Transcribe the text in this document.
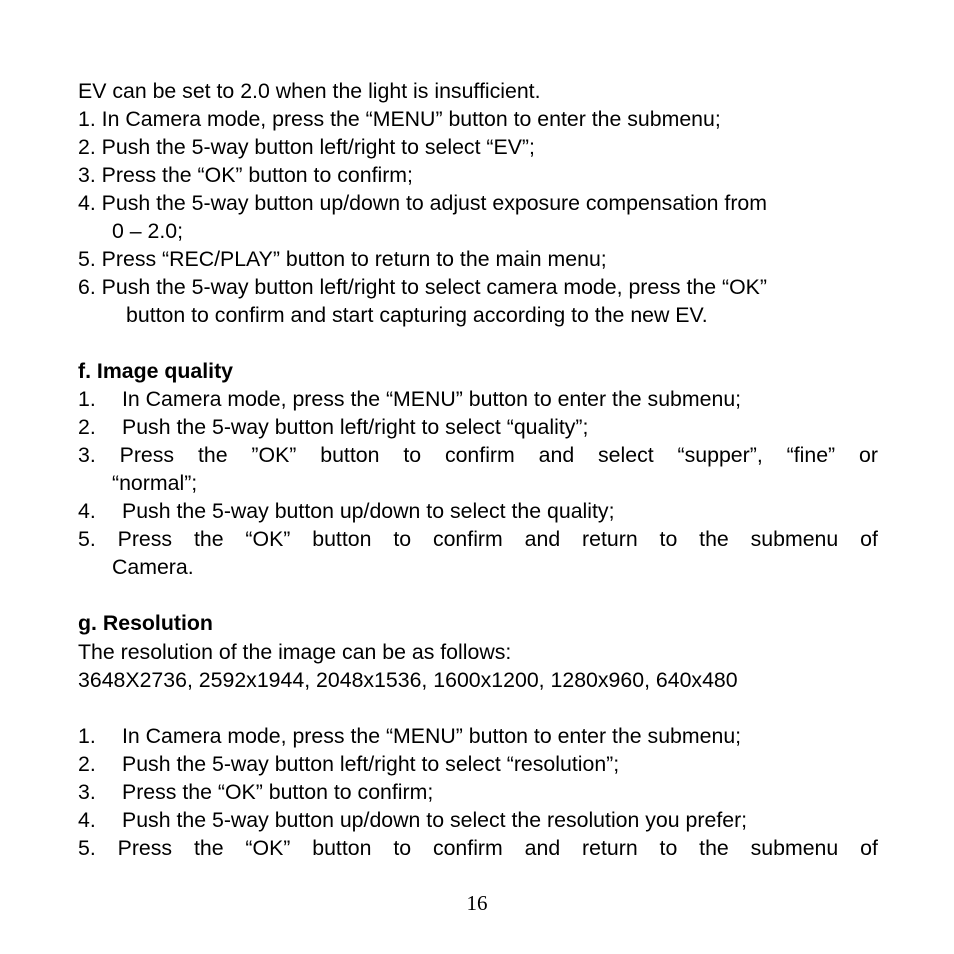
EV can be set to 2.0 when the light is insufficient.
1. In Camera mode, press the “MENU” button to enter the submenu;
2. Push the 5-way button left/right to select “EV”;
3. Press the “OK” button to confirm;
4. Push the 5-way button up/down to adjust exposure compensation from
0 – 2.0;
5. Press “REC/PLAY” button to return to the main menu;
6. Push the 5-way button left/right to select camera mode, press the “OK”
button to confirm and start capturing according to the new EV.
f. Image quality
1. In Camera mode, press the “MENU” button to enter the submenu;
2. Push the 5-way button left/right to select “quality”;
3. Press the ”OK” button to confirm and select “supper”, “fine” or
“normal”;
4. Push the 5-way button up/down to select the quality;
5. Press the “OK” button to confirm and return to the submenu of
Camera.
g. Resolution
The resolution of the image can be as follows:
3648X2736, 2592x1944, 2048x1536, 1600x1200, 1280x960, 640x480
1. In Camera mode, press the “MENU” button to enter the submenu;
2. Push the 5-way button left/right to select “resolution”;
3. Press the “OK” button to confirm;
4. Push the 5-way button up/down to select the resolution you prefer;
5. Press the “OK” button to confirm and return to the submenu of
16
